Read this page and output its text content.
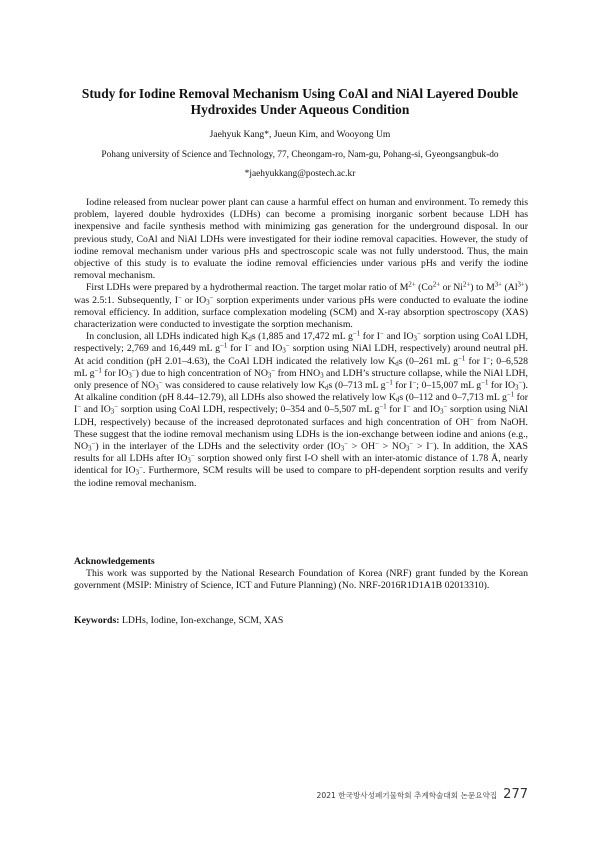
Study for Iodine Removal Mechanism Using CoAl and NiAl Layered Double
Hydroxides Under Aqueous Condition
Jaehyuk Kang*, Jueun Kim, and Wooyong Um
Pohang university of Science and Technology, 77, Cheongam-ro, Nam-gu, Pohang-si, Gyeongsangbuk-do
*jaehyukkang@postech.ac.kr

Iodine released from nuclear power plant can cause a harmful effect on human and environment. To remedy this problem, layered double hydroxides (LDHs) can become a promising inorganic sorbent because LDH has inexpensive and facile synthesis method with minimizing gas generation for the underground disposal. In our previous study, CoAl and NiAl LDHs were investigated for their iodine removal capacities. However, the study of iodine removal mechanism under various pHs and spectroscopic scale was not fully understood. Thus, the main objective of this study is to evaluate the iodine removal efficiencies under various pHs and verify the iodine removal mechanism.

First LDHs were prepared by a hydrothermal reaction. The target molar ratio of $M^{2+}$ ($Co^{2+}$ or $Ni^{2+}$) to $M^{3+}$ $(Al^{3+})$ was 2.5:1. Subsequently, I− or $IO_3^-$ sorption experiments under various pHs were conducted to evaluate the iodine removal efficiency. In addition, surface complexation modeling (SCM) and X-ray absorption spectroscopy (XAS) characterization were conducted to investigate the sorption mechanism.

In conclusion, all LDHs indicated high $K_ds$ (1,885 and 17,472 mL $g^{-1}$ for I− and $IO_3^-$ sorption using CoAl LDH, respectively; 2,769 and 16,449 mL $g^{-1}$ for I− and $IO_3^-$ sorption using NiAl LDH, respectively) around neutral pH. At acid condition (pH 2.01–4.63), the CoAl LDH indicated the relatively low $K_ds$ (0–261 mL $g^{-1}$ for I−; 0–6,528 mL $g^{-1}$ for $IO_3^-$) due to high concentration of $NO_3^-$ from $HNO_3$ and LDH’s structure collapse, while the NiAl LDH, only presence of $NO_3^-$ was considered to cause relatively low $K_ds$ (0–713 mL $g^{-1}$ for I−; 0–15,007 mL $g^{-1}$ for $IO_3^-$). At alkaline condition (pH 8.44–12.79), all LDHs also showed the relatively low $K_ds$ (0–112 and 0–7,713 mL $g^{-1}$ for I− and $IO_3^-$ sorption using CoAl LDH, respectively; 0–354 and 0–5,507 mL $g^{-1}$ for I− and $IO_3^-$ sorption using NiAl LDH, respectively) because of the increased deprotonated surfaces and high concentration of OH− from NaOH. These suggest that the iodine removal mechanism using LDHs is the ion-exchange between iodine and anions (e.g., $NO_3^-$) in the interlayer of the LDHs and the selectivity order $(IO_3^- > OH^- > NO_3^- > I^-)$. In addition, the XAS results for all LDHs after $IO_3^-$ sorption showed only first I-O shell with an inter-atomic distance of 1.78 Å, nearly identical for $IO_3^-$. Furthermore, SCM results will be used to compare to pH-dependent sorption results and verify the iodine removal mechanism.

Acknowledgements

This work was supported by the National Research Foundation of Korea (NRF) grant funded by the Korean government (MSIP: Ministry of Science, ICT and Future Planning) (No. NRF-2016R1D1A1B 02013310).

Keywords: LDHs, Iodine, Ion-exchange, SCM, XAS
2021 한국방사성폐기물학회 추계학술대회 논문요약집 277
